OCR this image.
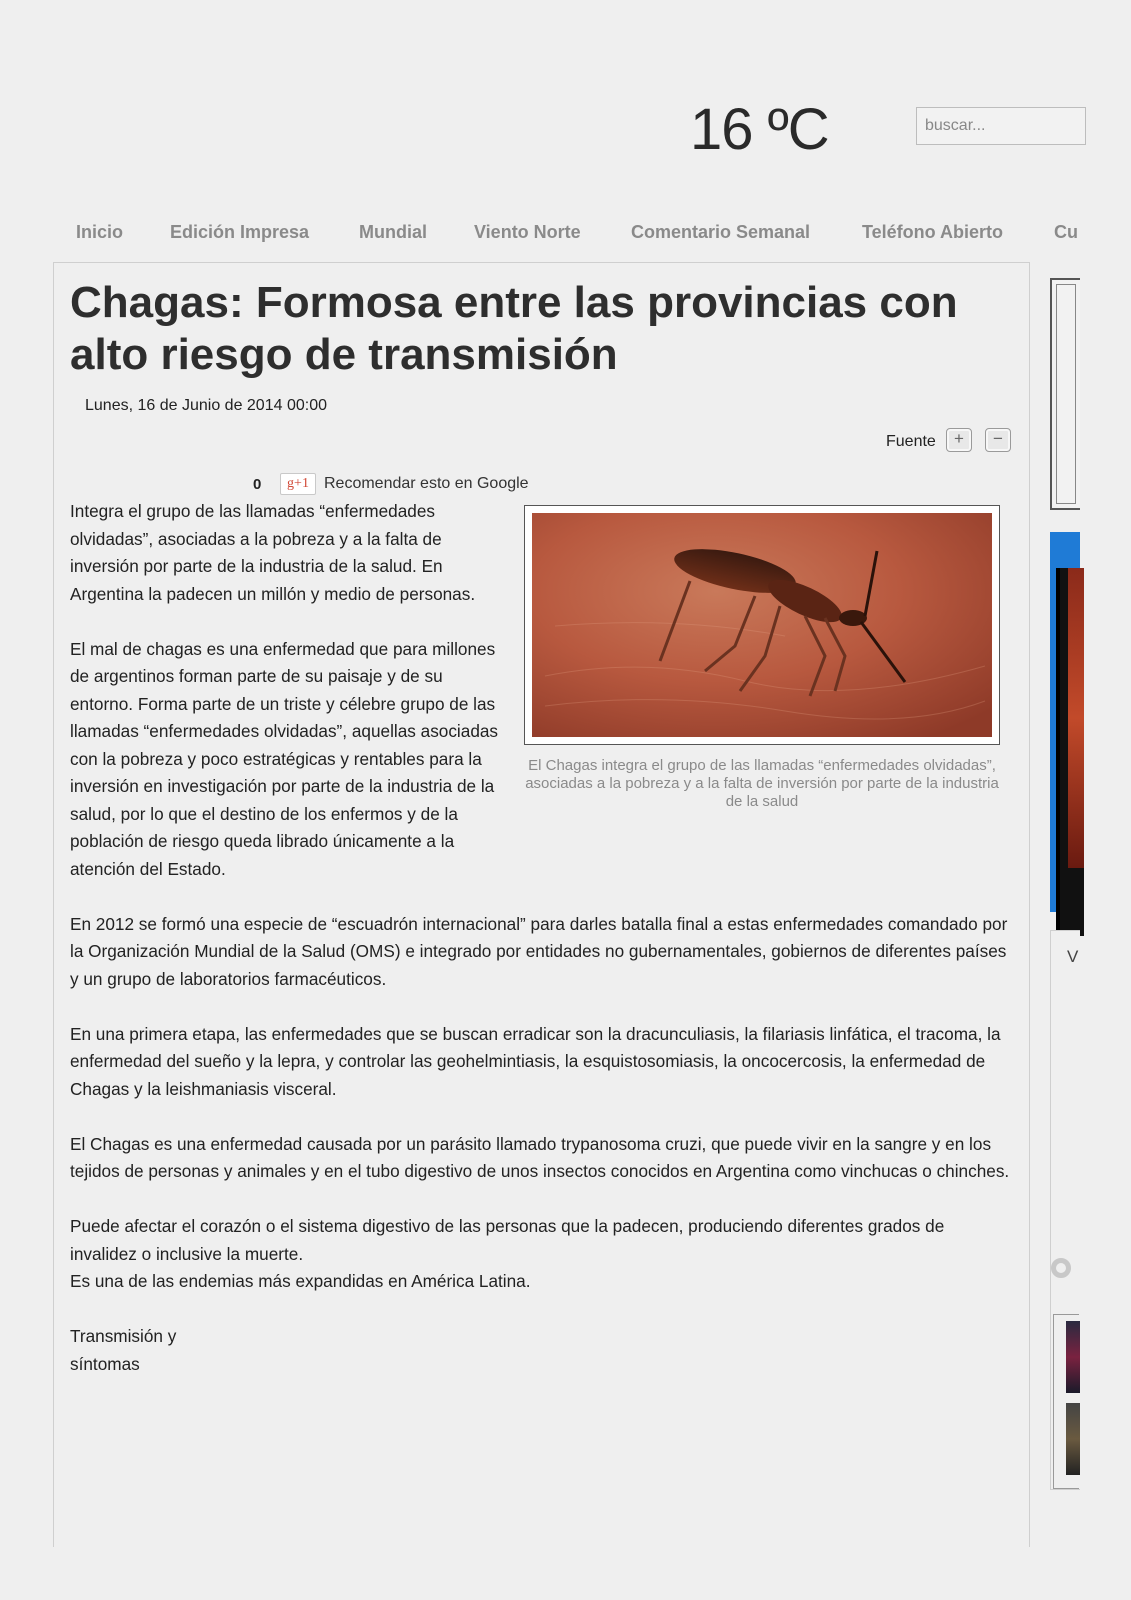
16 ºC
buscar...
Inicio	Edición Impresa	Mundial	Viento Norte	Comentario Semanal	Teléfono Abierto	Cu
Chagas: Formosa entre las provincias con alto riesgo de transmisión
Lunes, 16 de Junio de 2014 00:00
Fuente	+	−
0	g+1 Recomendar esto en Google

El Chagas integra el grupo de las llamadas “enfermedades olvidadas”, asociadas a la pobreza y a la falta de inversión por parte de la industria de la salud

Integra el grupo de las llamadas “enfermedades olvidadas”, asociadas a la pobreza y a la falta de inversión por parte de la industria de la salud. En Argentina la padecen un millón y medio de personas.

El mal de chagas es una enfermedad que para millones de argentinos forman parte de su paisaje y de su entorno. Forma parte de un triste y célebre grupo de las llamadas “enfermedades olvidadas”, aquellas asociadas con la pobreza y poco estratégicas y rentables para la inversión en investigación por parte de la industria de la salud, por lo que el destino de los enfermos y de la población de riesgo queda librado únicamente a la atención del Estado.

En 2012 se formó una especie de “escuadrón internacional” para darles batalla final a estas enfermedades comandado por la Organización Mundial de la Salud (OMS) e integrado por entidades no gubernamentales, gobiernos de diferentes países y un grupo de laboratorios farmacéuticos.

En una primera etapa, las enfermedades que se buscan erradicar son la dracunculiasis, la filariasis linfática, el tracoma, la enfermedad del sueño y la lepra, y controlar las geohelmintiasis, la esquistosomiasis, la oncocercosis, la enfermedad de Chagas y la leishmaniasis visceral.

El Chagas es una enfermedad causada por un parásito llamado trypanosoma cruzi, que puede vivir en la sangre y en los tejidos de personas y animales y en el tubo digestivo de unos insectos conocidos en Argentina como vinchucas o chinches.

Puede afectar el corazón o el sistema digestivo de las personas que la padecen, produciendo diferentes grados de invalidez o inclusive la muerte.

Es una de las endemias más expandidas en América Latina.

Transmisión y

síntomas

V
